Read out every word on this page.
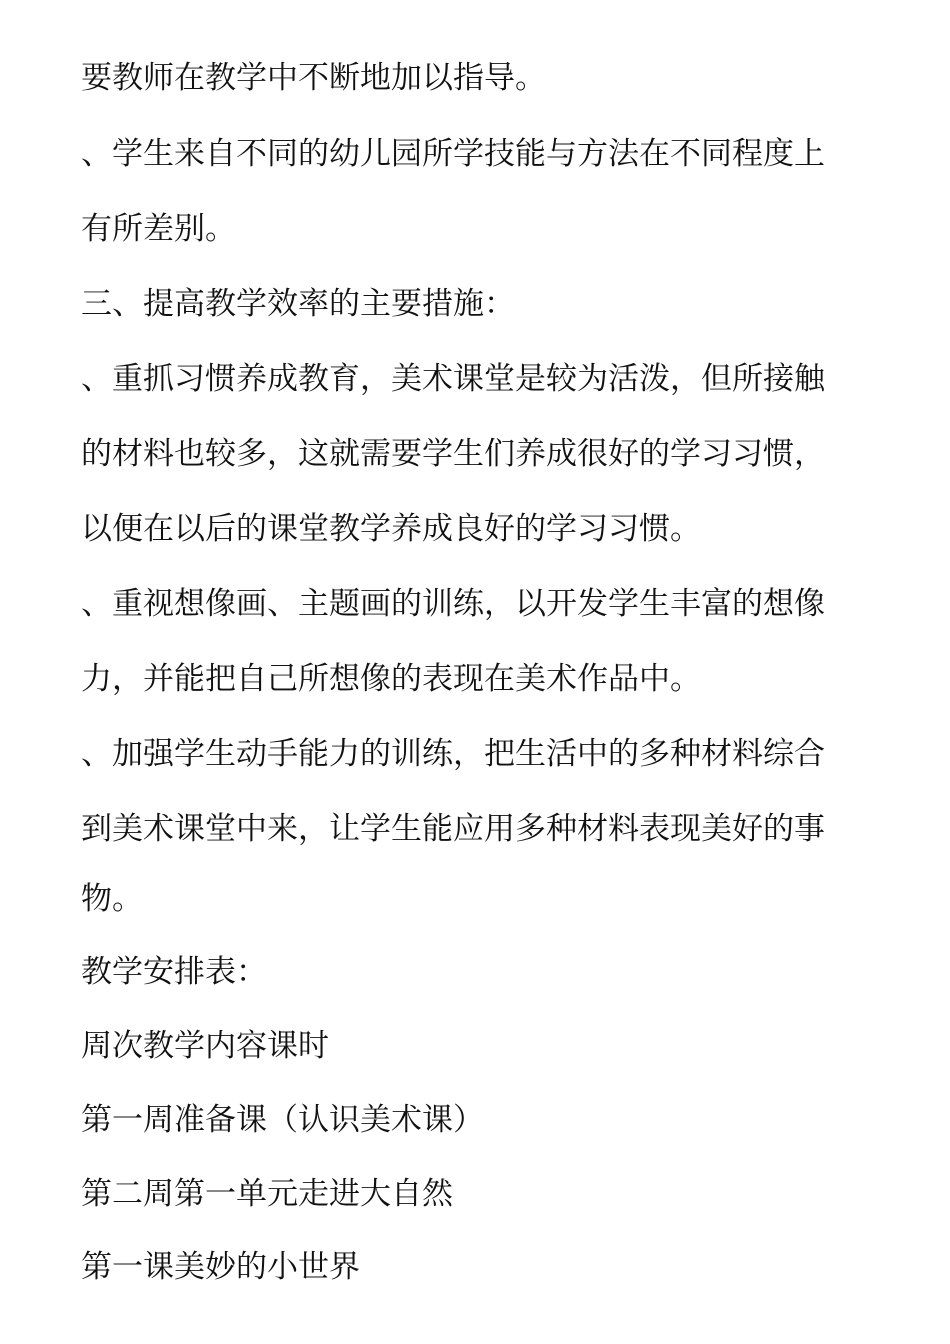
要教师在教学中不断地加以指导。
、学生来自不同的幼儿园所学技能与方法在不同程度上
有所差别。
三、提高教学效率的主要措施：
、重抓习惯养成教育，美术课堂是较为活泼，但所接触
的材料也较多，这就需要学生们养成很好的学习习惯，
以便在以后的课堂教学养成良好的学习习惯。
、重视想像画、主题画的训练，以开发学生丰富的想像
力，并能把自己所想像的表现在美术作品中。
、加强学生动手能力的训练，把生活中的多种材料综合
到美术课堂中来，让学生能应用多种材料表现美好的事
物。
教学安排表：
周次教学内容课时
第一周准备课（认识美术课）
第二周第一单元走进大自然
第一课美妙的小世界
